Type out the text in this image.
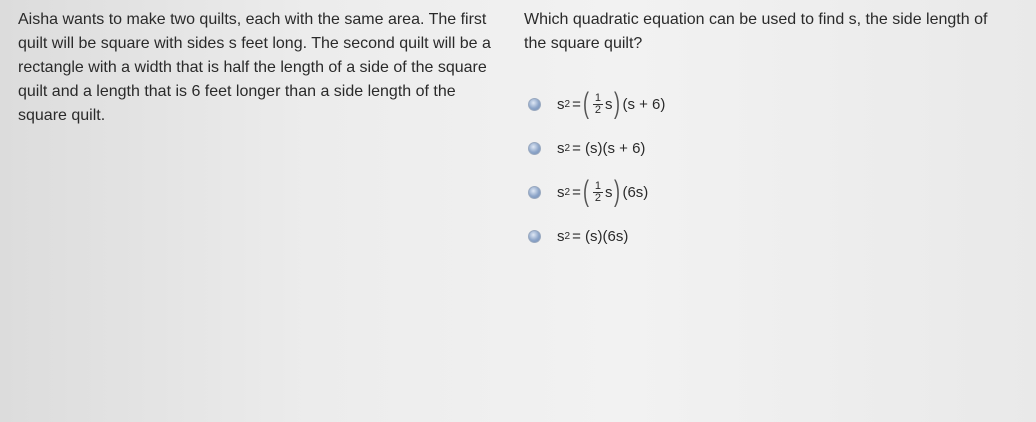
Aisha wants to make two quilts, each with the same area. The first quilt will be square with sides s feet long. The second quilt will be a rectangle with a width that is half the length of a side of the square quilt and a length that is 6 feet longer than a side length of the square quilt.
Which quadratic equation can be used to find s, the side length of the square quilt?
s 2 = ( $\frac{1}{2}$ s ) (s + 6)
s 2 =
(s)(s + 6)
s 2 = ( $\frac{1}{2}$ s ) (6s)
s 2 =
(s)(6s)
